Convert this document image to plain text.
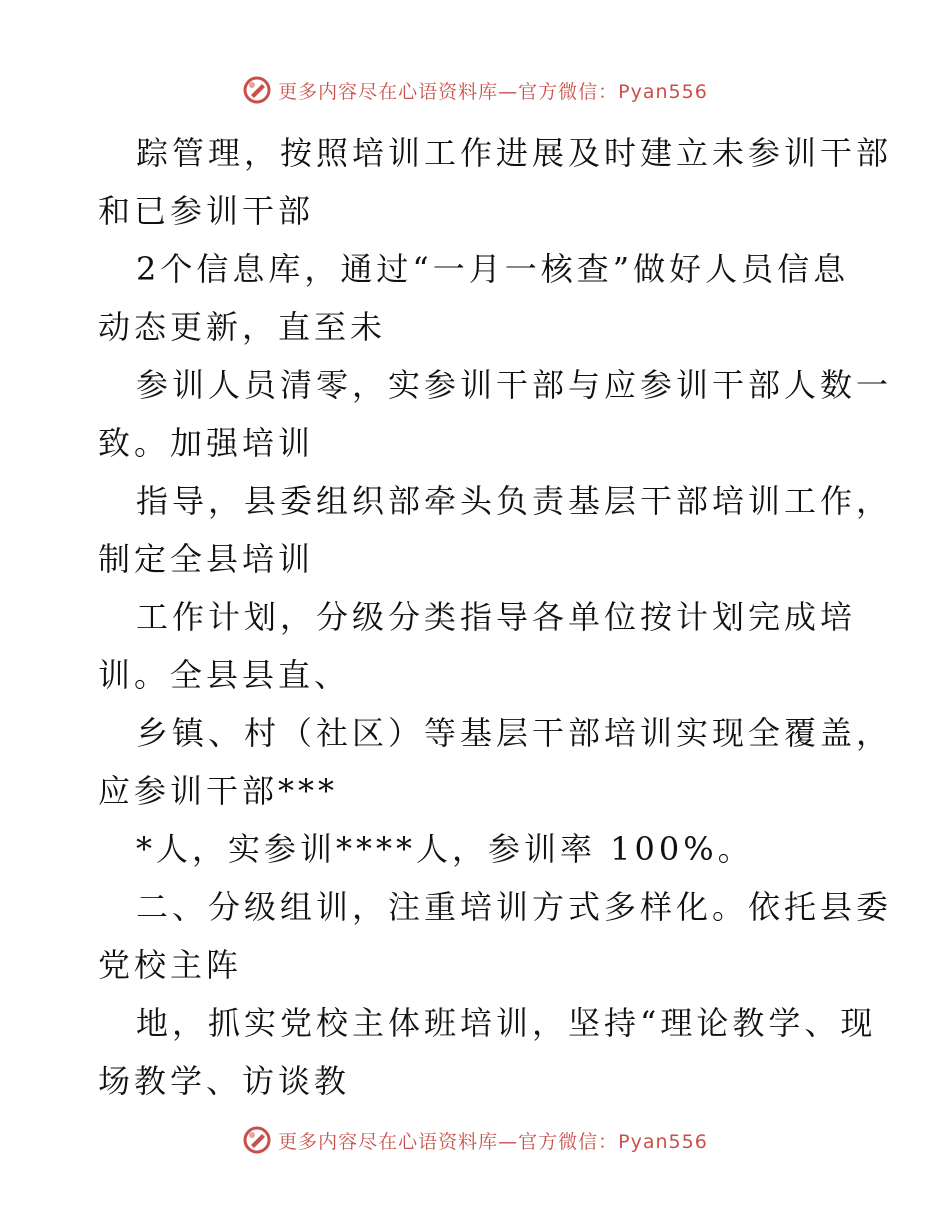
更多内容尽在心语资料库—官方微信：Pyan556

踪管理，按照培训工作进展及时建立未参训干部
和已参训干部

2个信息库，通过“一月一核查”做好人员信息
动态更新，直至未

参训人员清零，实参训干部与应参训干部人数一
致。加强培训

指导，县委组织部牵头负责基层干部培训工作，
制定全县培训

工作计划，分级分类指导各单位按计划完成培
训。全县县直、

乡镇、村（社区）等基层干部培训实现全覆盖，
应参训干部***

*人，实参训****人，参训率 100%。

二、分级组训，注重培训方式多样化。依托县委
党校主阵

地，抓实党校主体班培训，坚持“理论教学、现
场教学、访谈教

更多内容尽在心语资料库—官方微信：Pyan556
